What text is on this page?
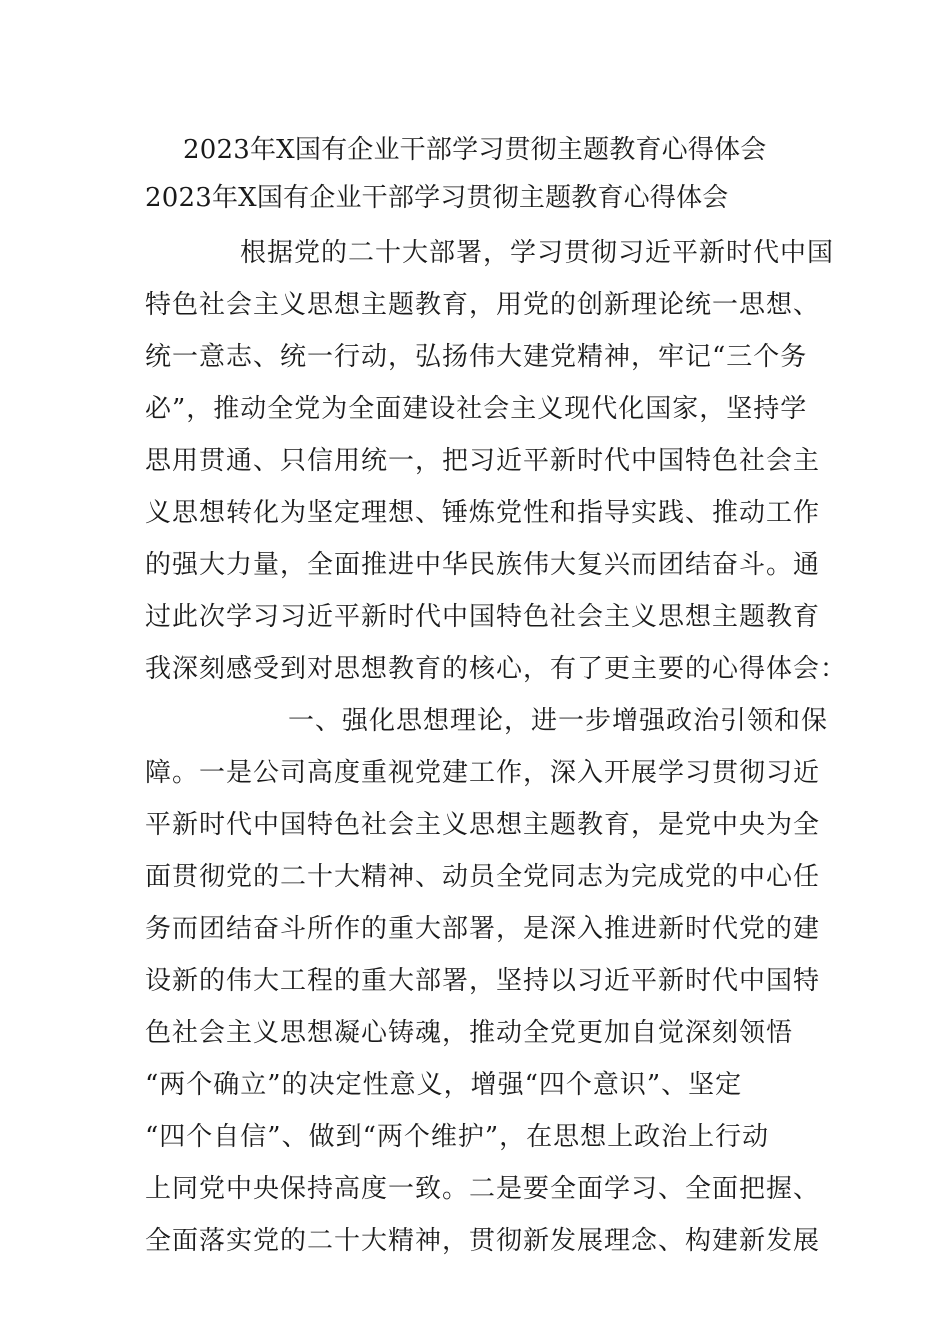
2023年X国有企业干部学习贯彻主题教育心得体会
2023年X国有企业干部学习贯彻主题教育心得体会
根据党的二十大部署，学习贯彻习近平新时代中国
特色社会主义思想主题教育，用党的创新理论统一思想、
统一意志、统一行动，弘扬伟大建党精神，牢记“三个务
必”，推动全党为全面建设社会主义现代化国家，坚持学
思用贯通、只信用统一，把习近平新时代中国特色社会主
义思想转化为坚定理想、锤炼党性和指导实践、推动工作
的强大力量，全面推进中华民族伟大复兴而团结奋斗。通
过此次学习习近平新时代中国特色社会主义思想主题教育
我深刻感受到对思想教育的核心，有了更主要的心得体会：
一、强化思想理论，进一步增强政治引领和保
障。一是公司高度重视党建工作，深入开展学习贯彻习近
平新时代中国特色社会主义思想主题教育，是党中央为全
面贯彻党的二十大精神、动员全党同志为完成党的中心任
务而团结奋斗所作的重大部署，是深入推进新时代党的建
设新的伟大工程的重大部署，坚持以习近平新时代中国特
色社会主义思想凝心铸魂，推动全党更加自觉深刻领悟
“两个确立”的决定性意义，增强“四个意识”、坚定
“四个自信”、做到“两个维护”，在思想上政治上行动
上同党中央保持高度一致。二是要全面学习、全面把握、
全面落实党的二十大精神，贯彻新发展理念、构建新发展
